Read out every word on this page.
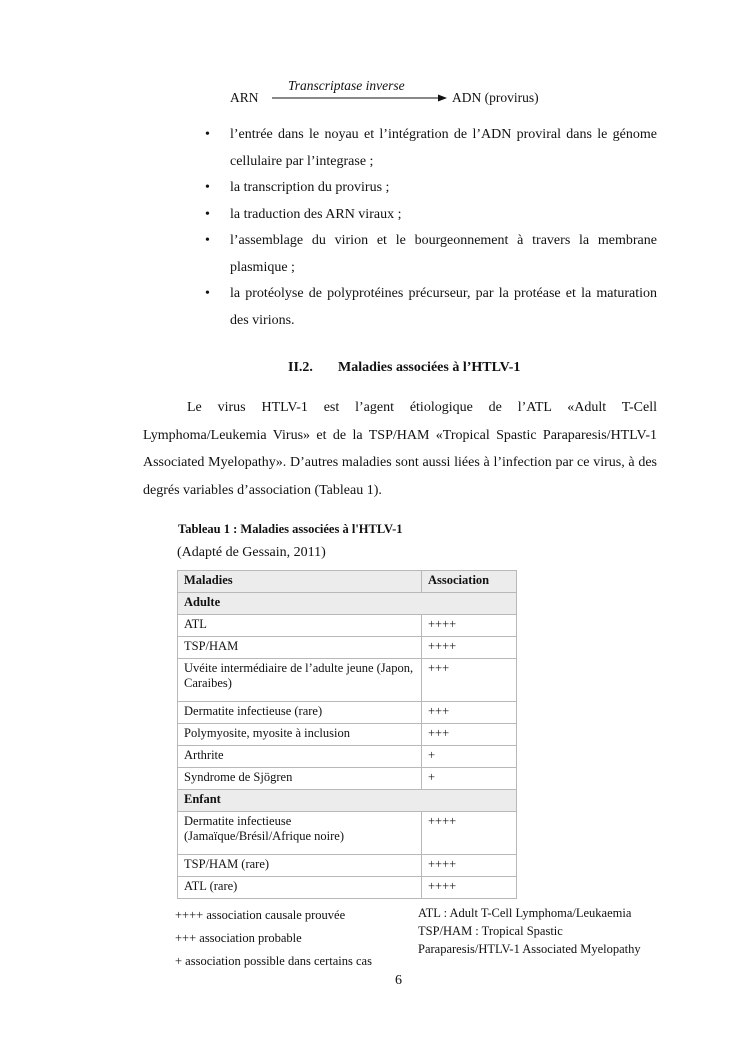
Transcriptase inverse
ARN	ADN (provirus)
• l’entrée dans le noyau et l’intégration de l’ADN proviral dans le génome cellulaire par l’integrase ;
• la transcription du provirus ;
• la traduction des ARN viraux ;
• l’assemblage du virion et le bourgeonnement à travers la membrane plasmique ;
• la protéolyse de polyprotéines précurseur, par la protéase et la maturation des virions.
II.2. Maladies associées à l’HTLV-1
Le virus HTLV-1 est l’agent étiologique de l’ATL «Adult T-Cell Lymphoma/Leukemia Virus» et de la TSP/HAM «Tropical Spastic Paraparesis/HTLV-1 Associated Myelopathy». D’autres maladies sont aussi liées à l’infection par ce virus, à des degrés variables d’association (Tableau 1).
Tableau 1 : Maladies associées à l'HTLV-1
(Adapté de Gessain, 2011)
Maladies	Association
Adulte	
ATL	++++
TSP/HAM	++++
Uvéite intermédiaire de l’adulte jeune (Japon, Caraibes)	+++
Dermatite infectieuse (rare)	+++
Polymyosite, myosite à inclusion	+++
Arthrite	+
Syndrome de Sjögren	+
Enfant	
Dermatite infectieuse (Jamaïque/Brésil/Afrique noire)	++++
TSP/HAM (rare)	++++
ATL (rare)	++++
++++ association causale prouvée
+++ association probable
+ association possible dans certains cas
ATL : Adult T-Cell Lymphoma/Leukaemia
TSP/HAM : Tropical Spastic
Paraparesis/HTLV-1 Associated Myelopathy
6
